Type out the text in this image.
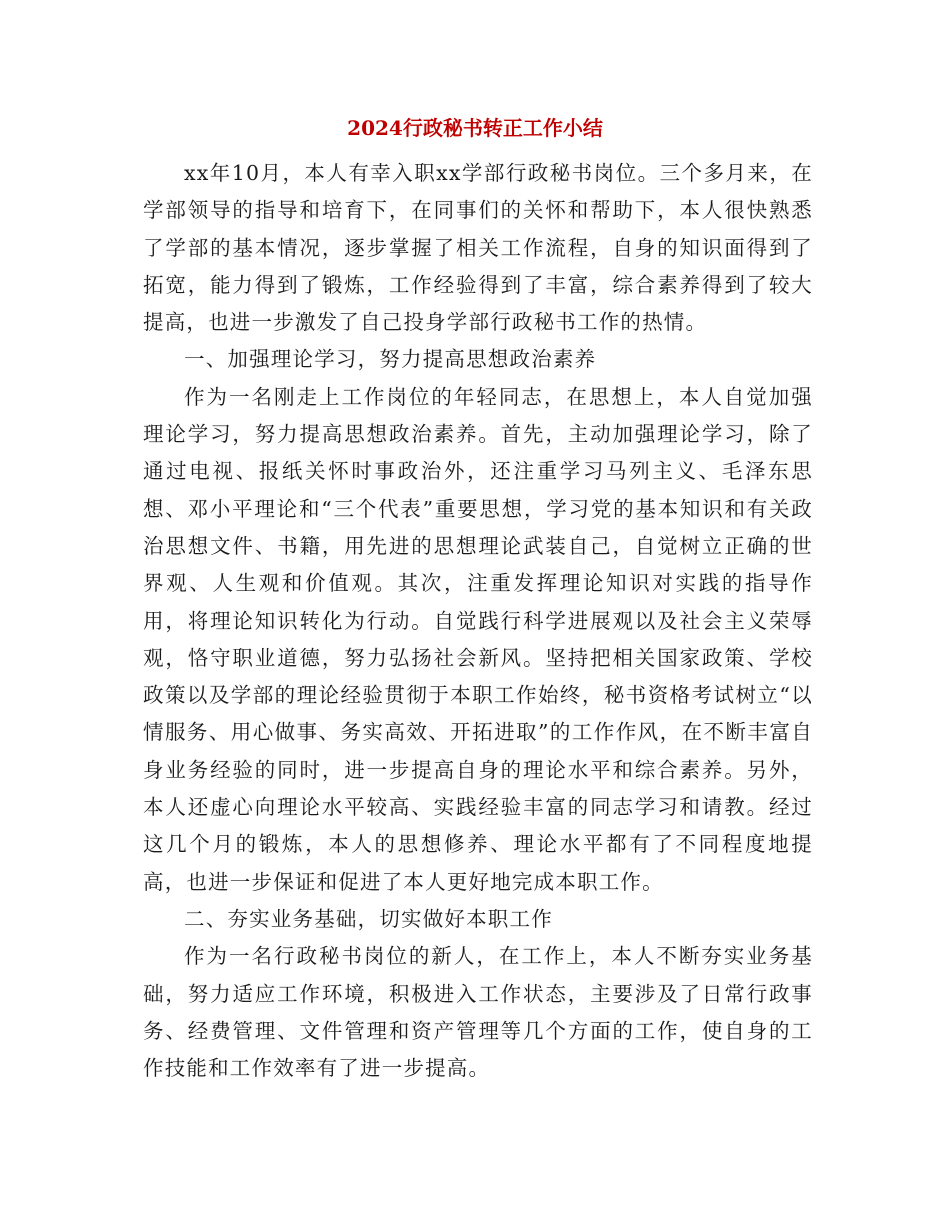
2024行政秘书转正工作小结

xx年10月，本人有幸入职xx学部行政秘书岗位。三个多月来，在学部领导的指导和培育下，在同事们的关怀和帮助下，本人很快熟悉了学部的基本情况，逐步掌握了相关工作流程，自身的知识面得到了拓宽，能力得到了锻炼，工作经验得到了丰富，综合素养得到了较大提高，也进一步激发了自己投身学部行政秘书工作的热情。

一、加强理论学习，努力提高思想政治素养

作为一名刚走上工作岗位的年轻同志，在思想上，本人自觉加强理论学习，努力提高思想政治素养。首先，主动加强理论学习，除了通过电视、报纸关怀时事政治外，还注重学习马列主义、毛泽东思想、邓小平理论和“三个代表”重要思想，学习党的基本知识和有关政治思想文件、书籍，用先进的思想理论武装自己，自觉树立正确的世界观、人生观和价值观。其次，注重发挥理论知识对实践的指导作用，将理论知识转化为行动。自觉践行科学进展观以及社会主义荣辱观，恪守职业道德，努力弘扬社会新风。坚持把相关国家政策、学校政策以及学部的理论经验贯彻于本职工作始终，秘书资格考试树立“以情服务、用心做事、务实高效、开拓进取”的工作作风，在不断丰富自身业务经验的同时，进一步提高自身的理论水平和综合素养。另外，本人还虚心向理论水平较高、实践经验丰富的同志学习和请教。经过这几个月的锻炼，本人的思想修养、理论水平都有了不同程度地提高，也进一步保证和促进了本人更好地完成本职工作。

二、夯实业务基础，切实做好本职工作

作为一名行政秘书岗位的新人，在工作上，本人不断夯实业务基础，努力适应工作环境，积极进入工作状态，主要涉及了日常行政事务、经费管理、文件管理和资产管理等几个方面的工作，使自身的工作技能和工作效率有了进一步提高。
